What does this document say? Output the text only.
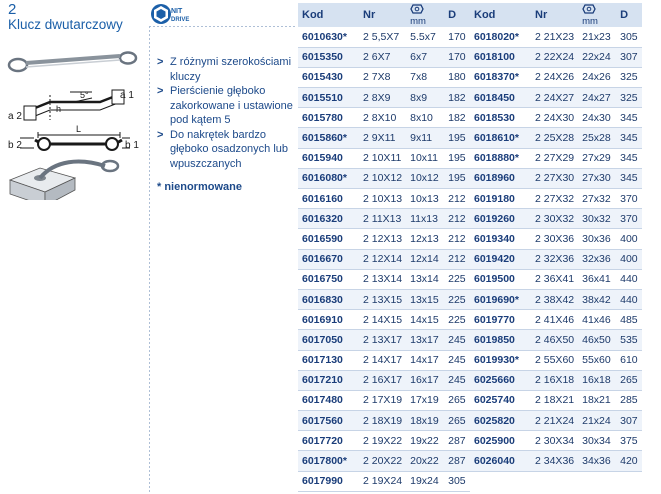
2
Klucz dwutarczowy
NIT
DRIVE
a 1
a 2
b 2	b 1
h
5°
L
> Z różnymi szerokościami kluczy
> Pierścienie głęboko zakorkowane i ustawione pod kątem 5
> Do nakrętek bardzo głęboko osadzonych lub wpuszczanych
* nienormowane
Kod	Nr	mm	D
6010630*	2 5,5X7	5.5x7	170
6015350	2 6X7	6x7	170
6015430	2 7X8	7x8	180
6015510	2 8X9	8x9	182
6015780	2 8X10	8x10	182
6015860*	2 9X11	9x11	195
6015940	2 10X11	10x11	195
6016080*	2 10X12	10x12	195
6016160	2 10X13	10x13	212
6016320	2 11X13	11x13	212
6016590	2 12X13	12x13	212
6016670	2 12X14	12x14	212
6016750	2 13X14	13x14	225
6016830	2 13X15	13x15	225
6016910	2 14X15	14x15	225
6017050	2 13X17	13x17	245
6017130	2 14X17	14x17	245
6017210	2 16X17	16x17	245
6017480	2 17X19	17x19	265
6017560	2 18X19	18x19	265
6017720	2 19X22	19x22	287
6017800*	2 20X22	20x22	287
6017990	2 19X24	19x24	305
Kod	Nr	mm	D
6018020*	2 21X23	21x23	305
6018100	2 22X24	22x24	307
6018370*	2 24X26	24x26	325
6018450	2 24X27	24x27	325
6018530	2 24X30	24x30	345
6018610*	2 25X28	25x28	345
6018880*	2 27X29	27x29	345
6018960	2 27X30	27x30	345
6019180	2 27X32	27x32	370
6019260	2 30X32	30x32	370
6019340	2 30X36	30x36	400
6019420	2 32X36	32x36	400
6019500	2 36X41	36x41	440
6019690*	2 38X42	38x42	440
6019770	2 41X46	41x46	485
6019850	2 46X50	46x50	535
6019930*	2 55X60	55x60	610
6025660	2 16X18	16x18	265
6025740	2 18X21	18x21	285
6025820	2 21X24	21x24	307
6025900	2 30X34	30x34	375
6026040	2 34X36	34x36	420
